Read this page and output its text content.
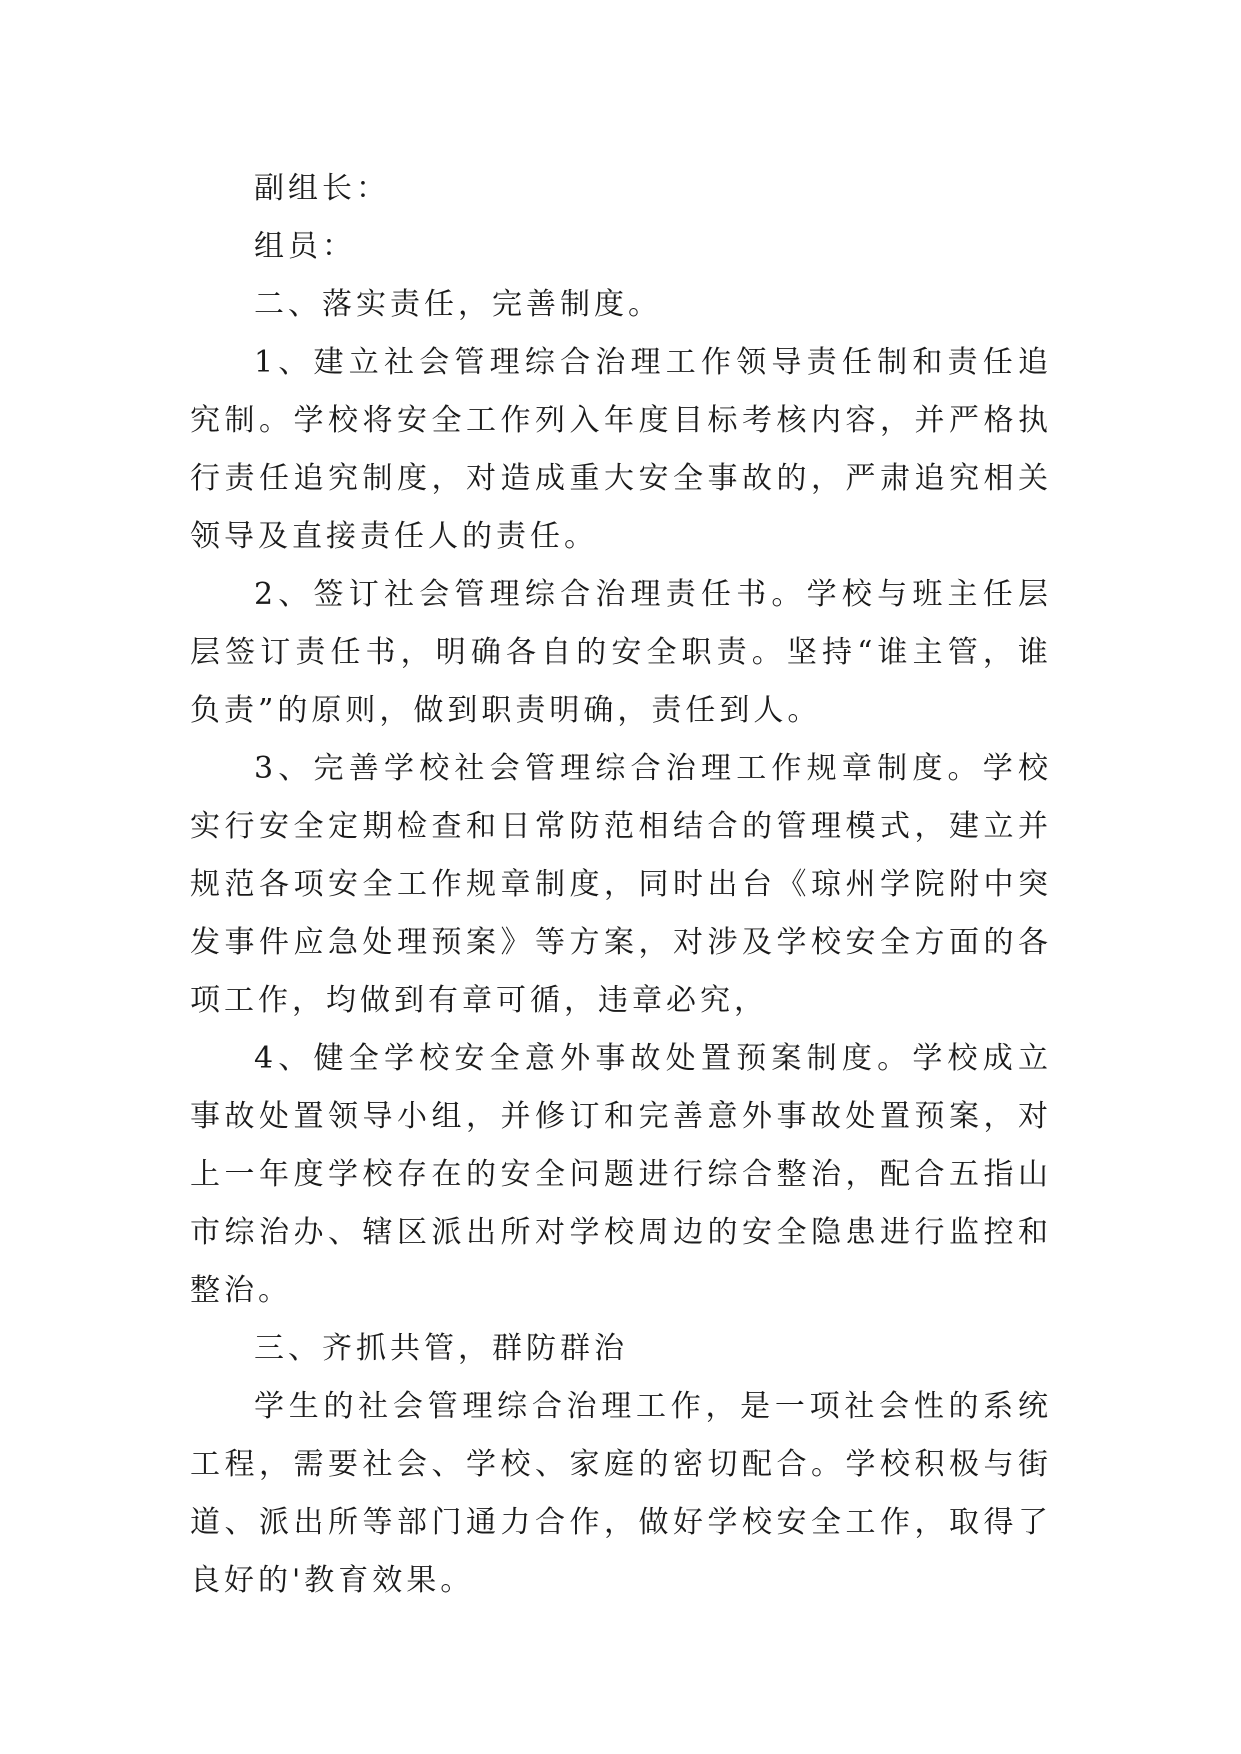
副组长：

组员：

二、落实责任，完善制度。

1、建立社会管理综合治理工作领导责任制和责任追究制。学校将安全工作列入年度目标考核内容，并严格执行责任追究制度，对造成重大安全事故的，严肃追究相关领导及直接责任人的责任。

2、签订社会管理综合治理责任书。学校与班主任层层签订责任书，明确各自的安全职责。坚持“谁主管，谁负责”的原则，做到职责明确，责任到人。

3、完善学校社会管理综合治理工作规章制度。学校实行安全定期检查和日常防范相结合的管理模式，建立并规范各项安全工作规章制度，同时出台《琼州学院附中突发事件应急处理预案》等方案，对涉及学校安全方面的各项工作，均做到有章可循，违章必究，

4、健全学校安全意外事故处置预案制度。学校成立事故处置领导小组，并修订和完善意外事故处置预案，对上一年度学校存在的安全问题进行综合整治，配合五指山市综治办、辖区派出所对学校周边的安全隐患进行监控和整治。

三、齐抓共管，群防群治

学生的社会管理综合治理工作，是一项社会性的系统工程，需要社会、学校、家庭的密切配合。学校积极与街道、派出所等部门通力合作，做好学校安全工作，取得了良好的'教育效果。
